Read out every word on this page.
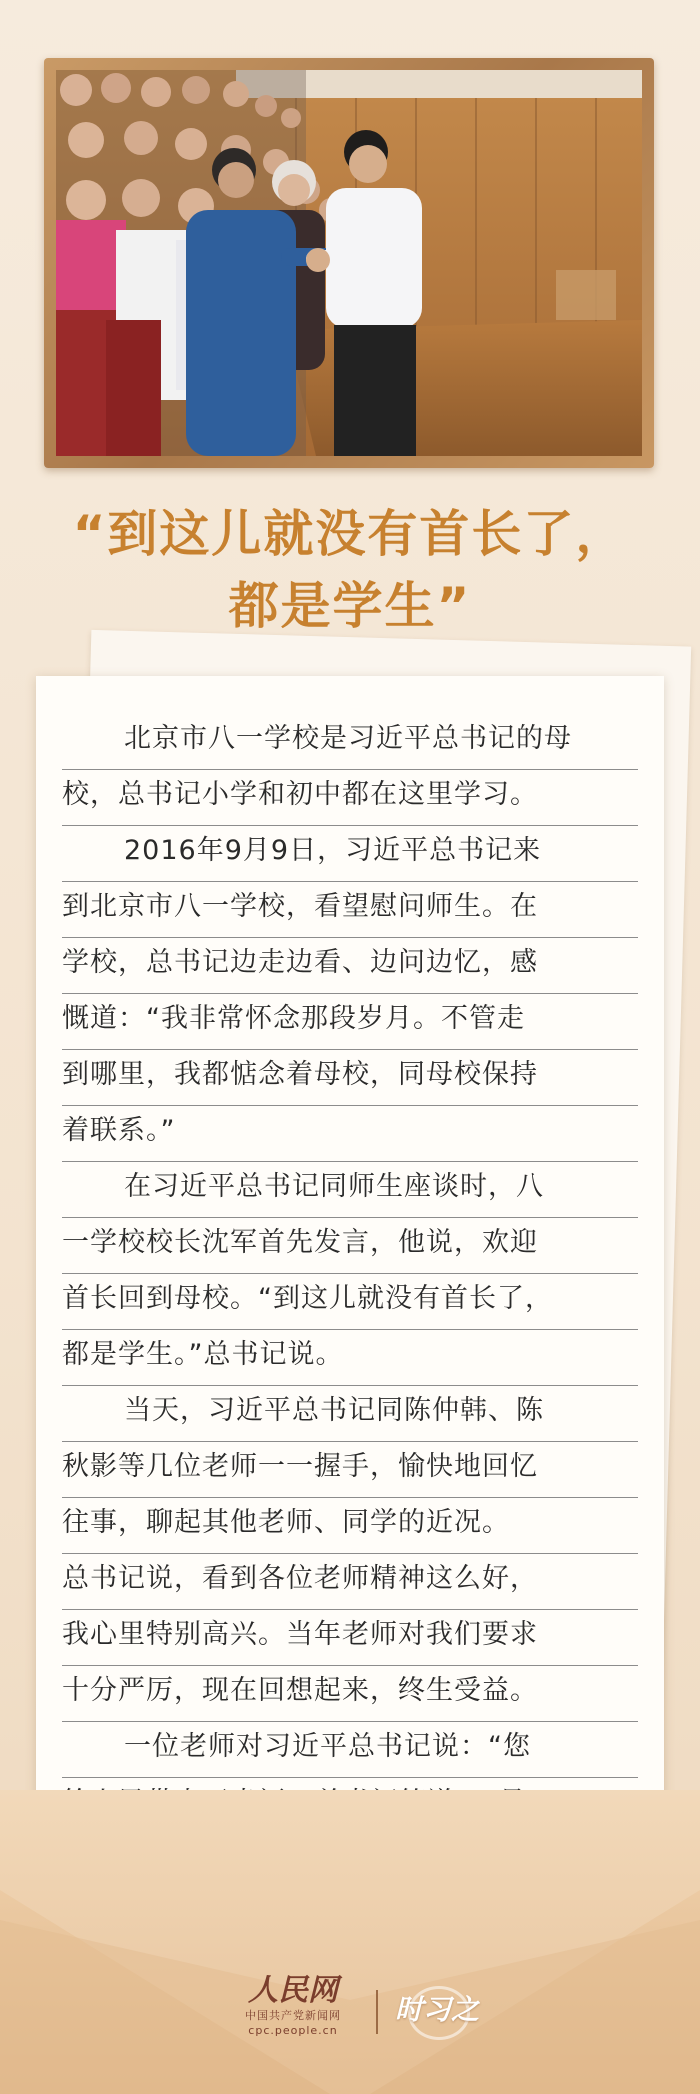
“到这儿就没有首长了，
都是学生”
北京市八一学校是习近平总书记的母
校，总书记小学和初中都在这里学习。
2016年9月9日，习近平总书记来
到北京市八一学校，看望慰问师生。在
学校，总书记边走边看、边问边忆，感
慨道：“我非常怀念那段岁月。不管走
到哪里，我都惦念着母校，同母校保持
着联系。”
在习近平总书记同师生座谈时，八
一学校校长沈军首先发言，他说，欢迎
首长回到母校。“到这儿就没有首长了，
都是学生。”总书记说。
当天，习近平总书记同陈仲韩、陈
秋影等几位老师一一握手，愉快地回忆
往事，聊起其他老师、同学的近况。
总书记说，看到各位老师精神这么好，
我心里特别高兴。当年老师对我们要求
十分严厉，现在回想起来，终生受益。
一位老师对习近平总书记说：“您
人民网
中国共产党新闻网
cpc.people.cn
时习之
